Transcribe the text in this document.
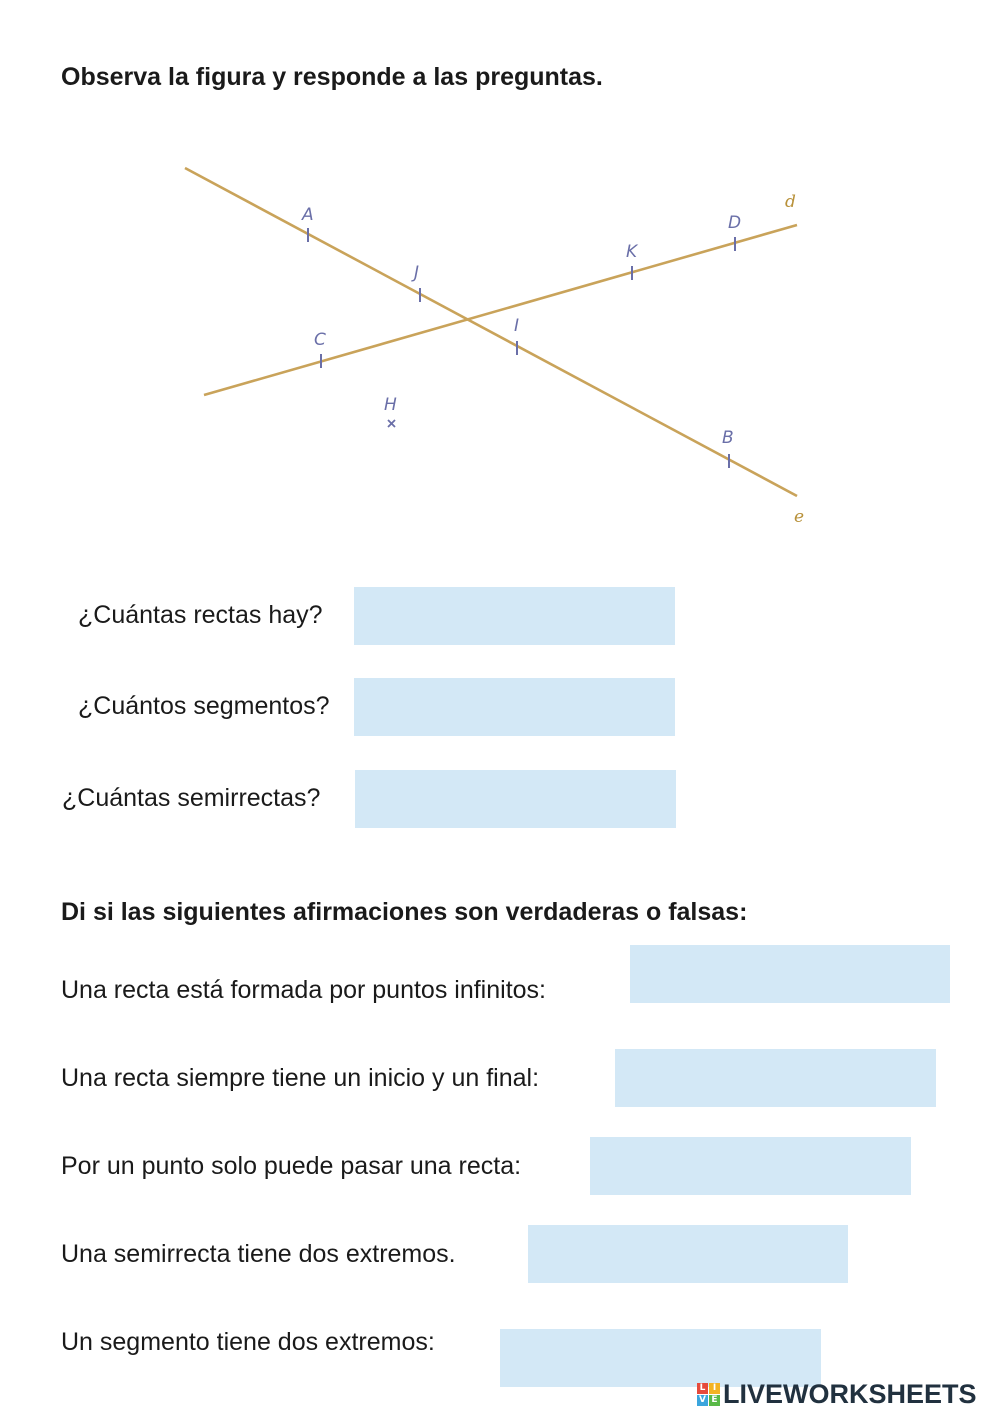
Observa la figura y responde a las preguntas.
A
J
I
B
C
K
D
H
d
e
¿Cuántas rectas hay?
¿Cuántos segmentos?
¿Cuántas semirrectas?
Di si las siguientes afirmaciones son verdaderas o falsas:
Una recta está formada por puntos infinitos:
Una recta siempre tiene un inicio y un final:
Por un punto solo puede pasar una recta:
Una semirrecta tiene dos extremos.
Un segmento tiene dos extremos:
L I
V E LIVEWORKSHEETS
